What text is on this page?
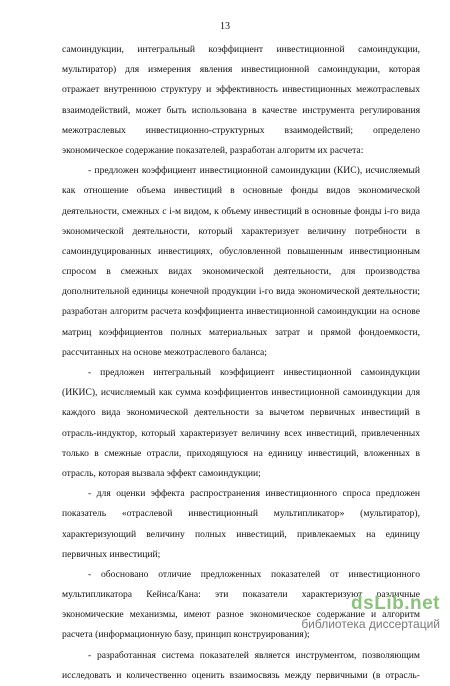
13
самоиндукции, интегральный коэффициент инвестиционной самоиндукции,
мультиратор) для измерения явления инвестиционной самоиндукции, которая
отражает внутреннюю структуру и эффективность инвестиционных межотраслевых
взаимодействий, может быть использована в качестве инструмента регулирования
межотраслевых инвестиционно-структурных взаимодействий; определено
экономическое содержание показателей, разработан алгоритм их расчета:
- предложен коэффициент инвестиционной самоиндукции (КИС), исчисляемый
как отношение объема инвестиций в основные фонды видов экономической
деятельности, смежных с i-м видом, к объему инвестиций в основные фонды i-го вида
экономической деятельности, который характеризует величину потребности в
самоиндуцированных инвестициях, обусловленной повышенным инвестиционным
спросом в смежных видах экономической деятельности, для производства
дополнительной единицы конечной продукции i-го вида экономической деятельности;
разработан алгоритм расчета коэффициента инвестиционной самоиндукции на основе
матриц коэффициентов полных материальных затрат и прямой фондоемкости,
рассчитанных на основе межотраслевого баланса;
- предложен интегральный коэффициент инвестиционной самоиндукции
(ИКИС), исчисляемый как сумма коэффициентов инвестиционной самоиндукции для
каждого вида экономической деятельности за вычетом первичных инвестиций в
отрасль-индуктор, который характеризует величину всех инвестиций, привлеченных
только в смежные отрасли, приходящуюся на единицу инвестиций, вложенных в
отрасль, которая вызвала эффект самоиндукции;
- для оценки эффекта распространения инвестиционного спроса предложен
показатель «отраслевой инвестиционный мультипликатор» (мультиратор),
характеризующий величину полных инвестиций, привлекаемых на единицу
первичных инвестиций;
- обосновано отличие предложенных показателей от инвестиционного
мультипликатора Кейнса/Кана: эти показатели характеризуют различные
экономические механизмы, имеют разное экономическое содержание и алгоритм
расчета (информационную базу, принцип конструирования);
- разработанная система показателей является инструментом, позволяющим
исследовать и количественно оценить взаимосвязь между первичными (в отрасль-
dsLib.net
библиотека диссертаций
